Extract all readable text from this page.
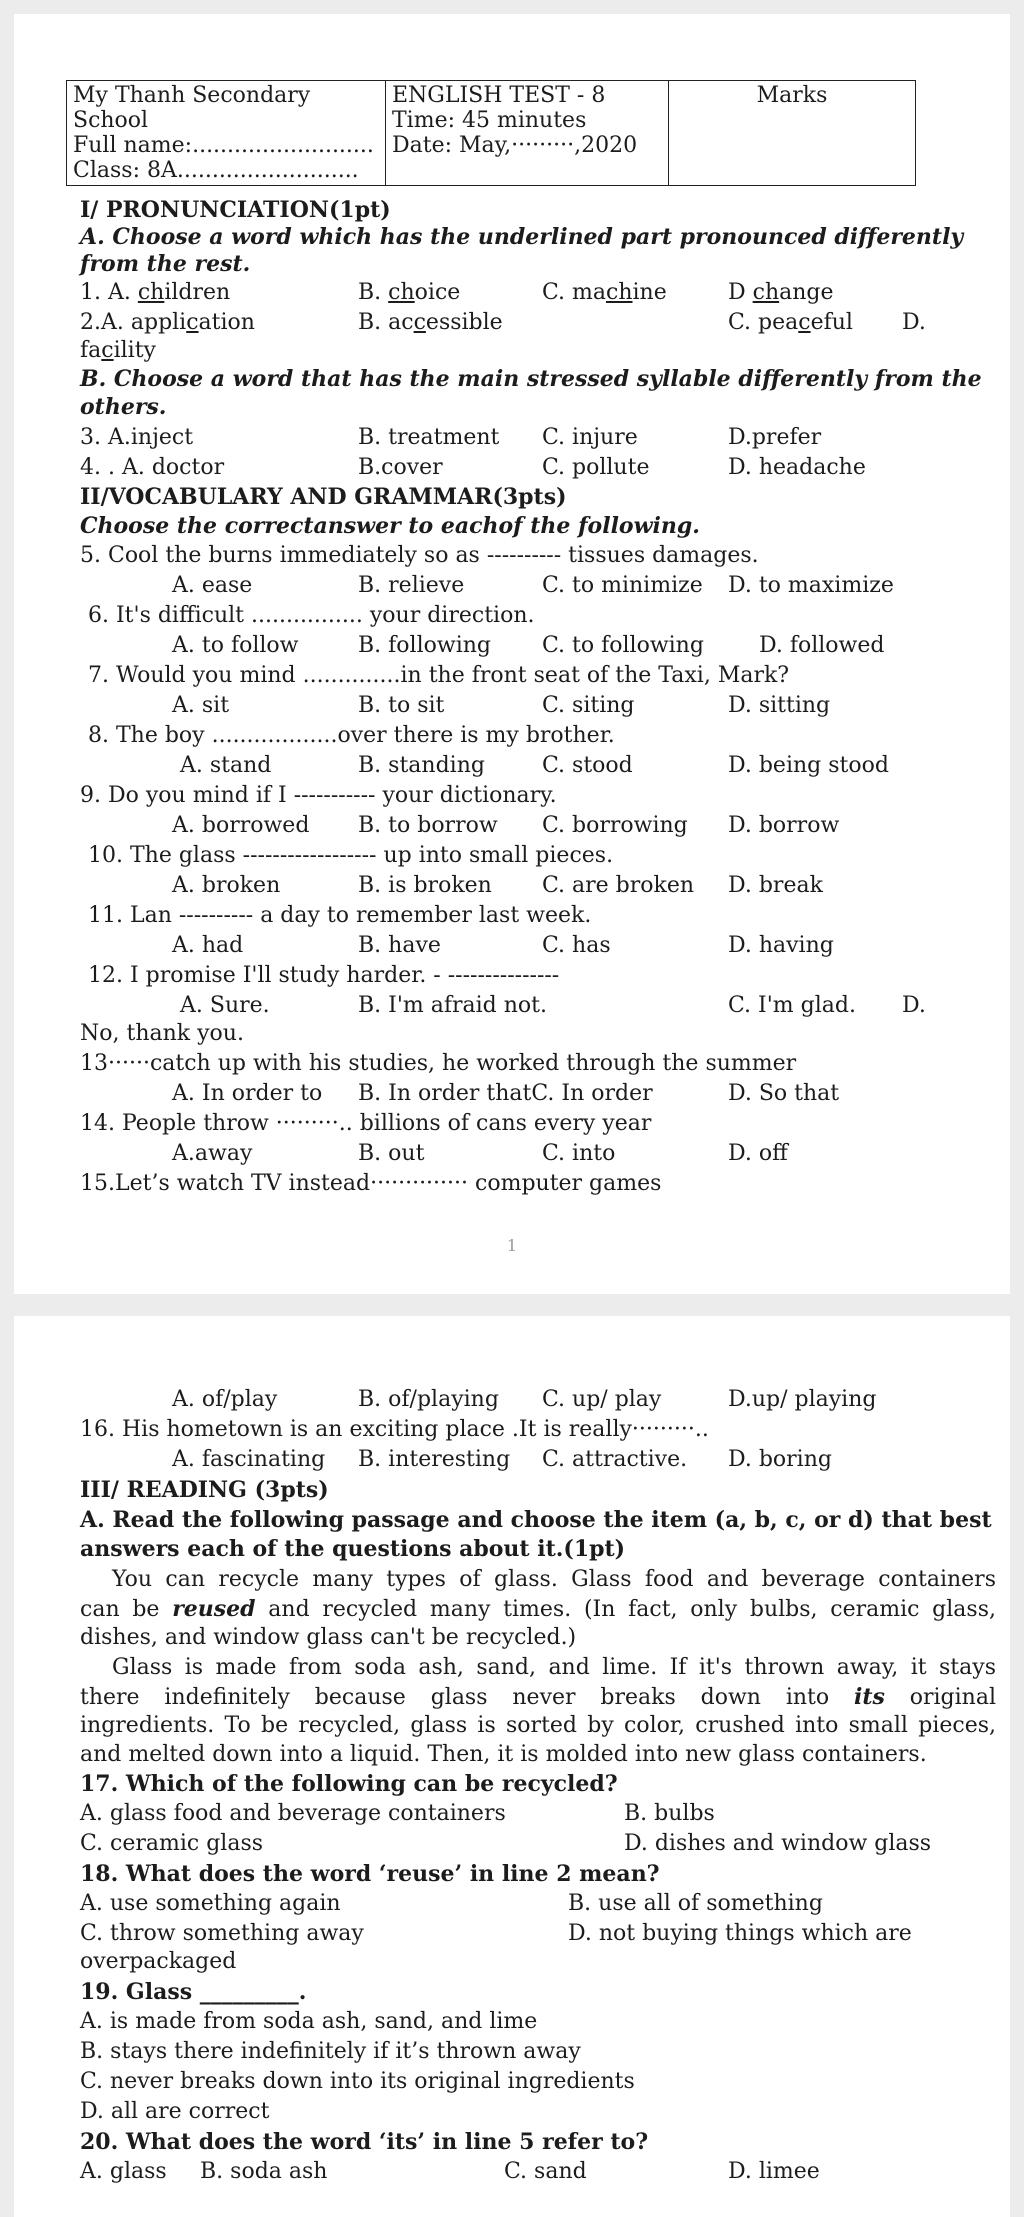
My Thanh Secondary School
Full name:..........................
Class: 8A..........................

ENGLISH TEST - 8
Time: 45 minutes
Date: May,·········,2020

Marks
I/ PRONUNCIATION(1pt)
A. Choose a word which has the underlined part pronounced differently
from the rest.
1. A. children	B. choice	C. machine	D change
2.A. application	B. accessible	C. peaceful D.
facility
B. Choose a word that has the main stressed syllable differently from the
others.
3. A.inject	B. treatment C. injure	D.prefer
4. . A. doctor	B.cover	C. pollute	D. headache
II/VOCABULARY AND GRAMMAR(3pts)
Choose the correctanswer to eachof the following.
5. Cool the burns immediately so as ---------- tissues damages.
A. ease	B. relieve	C. to minimize D. to maximize
6. It's difficult ................ your direction.
A. to follow	B. following C. to following	D. followed
7. Would you mind ..............in the front seat of the Taxi, Mark?
A. sit	B. to sit	C. siting	D. sitting
8. The boy ..................over there is my brother.
A. stand	B. standing	C. stood	D. being stood
9. Do you mind if I ----------- your dictionary.
A. borrowed B. to borrow C. borrowing D. borrow
10. The glass ------------------ up into small pieces.
A. broken	B. is broken C. are broken D. break
11. Lan ---------- a day to remember last week.
A. had	B. have	C. has	D. having
12. I promise I'll study harder. - ---------------
A. Sure.	B. I'm afraid not.	C. I'm glad. D.
No, thank you.
13······catch up with his studies, he worked through the summer
A. In order to B. In order thatC. In order	D. So that
14. People throw ·········.. billions of cans every year
A.away	B. out	C. into	D. off
15.Let’s watch TV instead·············· computer games
1
A. of/play	B. of/playing C. up/ play	D.up/ playing
16. His hometown is an exciting place .It is really·········..
A. fascinating B. interesting C. attractive. D. boring
III/ READING (3pts)
A. Read the following passage and choose the item (a, b, c, or d) that best
answers each of the questions about it.(1pt)
You can recycle many types of glass. Glass food and beverage containers
can be reused and recycled many times. (In fact, only bulbs, ceramic glass,
dishes, and window glass can't be recycled.)
Glass is made from soda ash, sand, and lime. If it's thrown away, it stays
there indefinitely because glass never breaks down into its original
ingredients. To be recycled, glass is sorted by color, crushed into small pieces,
and melted down into a liquid. Then, it is molded into new glass containers.
17. Which of the following can be recycled?
A. glass food and beverage containers	B. bulbs
C. ceramic glass	D. dishes and window glass
18. What does the word ‘reuse’ in line 2 mean?
A. use something again	B. use all of something
C. throw something away	D. not buying things which are
overpackaged
19. Glass _________.
A. is made from soda ash, sand, and lime
B. stays there indefinitely if it’s thrown away
C. never breaks down into its original ingredients
D. all are correct
20. What does the word ‘its’ in line 5 refer to?
A. glass B. soda ash	C. sand	D. limee
